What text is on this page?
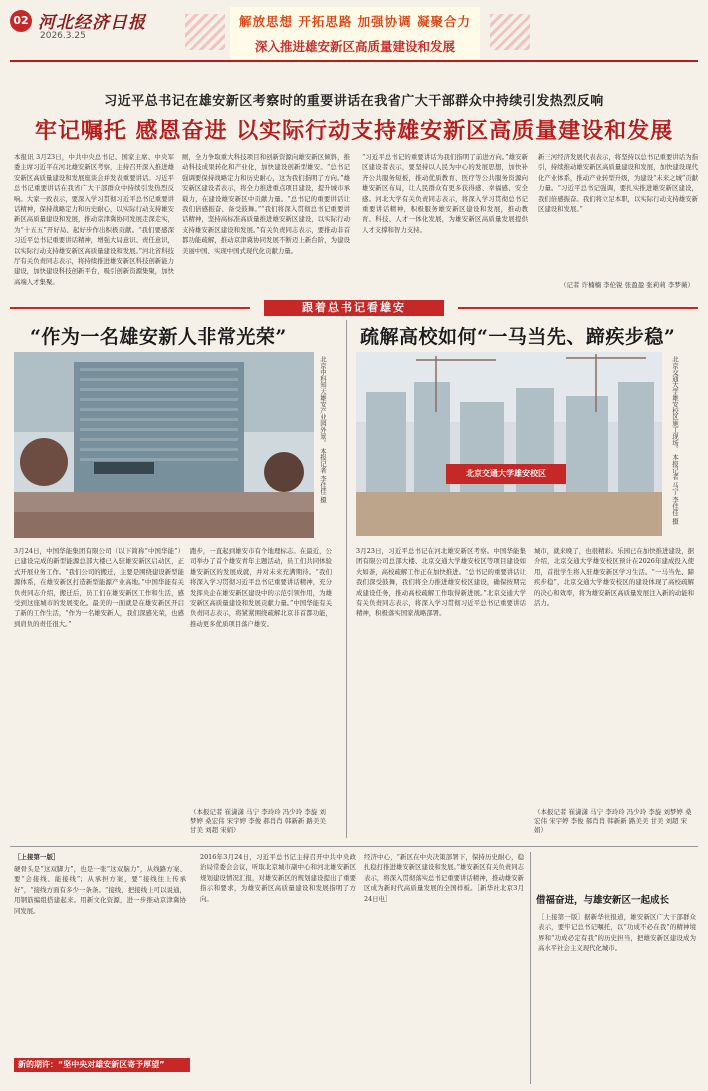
02 河北经济日报
2026.3.25
解放思想 开拓思路 加强协调 凝聚合力
深入推进雄安新区高质量建设和发展
习近平总书记在雄安新区考察时的重要讲话在我省广大干部群众中持续引发热烈反响
牢记嘱托 感恩奋进 以实际行动支持雄安新区高质量建设和发展
本报讯 3月23日，中共中央总书记、国家主席、中央军委主席习近平在河北雄安新区考察，主持召开深入推进雄安新区高质量建设和发展座谈会并发表重要讲话。习近平总书记重要讲话在我省广大干部群众中持续引发热烈反响。大家一致表示，要深入学习贯彻习近平总书记重要讲话精神，保持战略定力和历史耐心，以实际行动支持雄安新区高质量建设和发展，推动京津冀协同发展走深走实，为“十五五”开好局、起好步作出积极贡献。“我们要感深习近平总书记重要讲话精神，增强大局意识、责任意识，以实际行动支持雄安新区高质量建设和发展。”河北省科技厅有关负责同志表示，将持续推进雄安新区科技创新能力建设，加快建设科技创新平台，吸引创新资源集聚，加快高端人才集聚。
厕，全力争取重大科技项目和创新资源向雄安新区倾斜，推动科技成果转化和产业化，加快建设创新型雄安。“总书记强调要保持战略定力和历史耐心，这为我们指明了方向。”雄安新区建设者表示，将全力推进重点项目建设，提升城市承载力，在建设雄安新区中贡献力量。“总书记的重要讲话让我们倍感振奋、备受鼓舞。”“我们将深入贯彻总书记重要讲话精神，坚持高标准高质量推进雄安新区建设，以实际行动支持雄安新区建设和发展。”有关负责同志表示，要推动非首都功能疏解，推动京津冀协同发展不断迈上新台阶，为建设美丽中国、实现中国式现代化贡献力量。
“习近平总书记的重要讲话为我们指明了前进方向。”雄安新区建设者表示，要坚持以人民为中心的发展思想，加快补齐公共服务短板，推动优质教育、医疗等公共服务资源向雄安新区布局，让人民群众有更多获得感、幸福感、安全感。河北大学有关负责同志表示，将深入学习贯彻总书记重要讲话精神，积极服务雄安新区建设和发展，推动教育、科技、人才一体化发展，为雄安新区高质量发展提供人才支撑和智力支持。
新三河经济发展代表表示，将坚持以总书记重要讲话为指引，持续推动雄安新区高质量建设和发展，加快建设现代化产业体系，推动产业转型升级，为建设“未来之城”贡献力量。“习近平总书记强调，要扎实推进雄安新区建设，我们倍感振奋。我们将立足本职，以实际行动支持雄安新区建设和发展。”
（记者 许楠楠 李伦锐 张盈盈 张莉莉 李梦薇）
跟着总书记看雄安
“作为一名雄安新人非常光荣”
北京中科知天雄安产业园外景。 本报记者 李佳佳 摄
3月24日，中国华能集团有限公司（以下简称“中国华能”）已建设完成的新型能源总部大楼已入驻雄安新区启动区，正式开展业务工作。“我们公司的搬迁，主要是围绕建设新型能源体系，在雄安新区打造新型能源产业高地。”中国华能有关负责同志介绍，搬迁后，员工们在雄安新区工作和生活，感受到这座城市的发展变化。最美的一面就是在雄安新区开启了新的工作生活，“作为一名雄安新人，我们深感光荣，也感到肩负的责任很大。”
跑步，一直起到雄安市有个地理标志。在最近，公司举办了首个雄安青年主题活动，员工们共同体验雄安新区的发展成就，并对未来充满期待。“我们将深入学习贯彻习近平总书记重要讲话精神，充分发挥央企在雄安新区建设中的示范引领作用，为雄安新区高质量建设和发展贡献力量。”中国华能有关负责同志表示，将紧紧围绕疏解北京非首都功能，推动更多优质项目落户雄安。
（本报记者 崔潇潇 马宁 李玲玲 冯少玲 李旋 刘梦婷 桑宏伟 宋宇婷 李俊 郝肖肖 韩新新 路美美 甘美 刘超 宋娟）
疏解高校如何“一马当先、蹄疾步稳”
北京交通大学雄安校区	北京交通大学雄安校区施工现场。 本报记者 马宁 李佳佳 摄
3月23日，习近平总书记在河北雄安新区考察。中国华能集团有限公司总部大楼、北京交通大学雄安校区等项目建设如火如荼，高校疏解工作正在加快推进。“总书记的重要讲话让我们深受鼓舞，我们将全力推进雄安校区建设，确保按期完成建设任务，推动高校疏解工作取得新进展。”北京交通大学有关负责同志表示，将深入学习贯彻习近平总书记重要讲话精神，积极落实国家战略部署。
城市，就来晚了，也很精彩。乐园已在加快推进建设，据介绍，北京交通大学雄安校区预计在2026年建成投入使用，首批学生将入驻雄安新区学习生活。“一马当先、蹄疾步稳”，北京交通大学雄安校区的建设体现了高校疏解的决心和效率，将为雄安新区高质量发展注入新的动能和活力。
（本报记者 崔潇潇 马宁 李玲玲 冯少玲 李旋 刘梦婷 桑宏伟 宋宇婷 李俊 郝肖肖 韩新新 路美美 甘美 刘超 宋娟）
［上接第一版］
硬骨头是“这双脚力”，也是一张“这双脑力”，从线路方案、要“会接线、能接线”；从承担方案，要“接线往上传承好”，“接线方面有多少一条条。“接线，把接线上可以说通，用钢筋编组搭建起来。用新文化资源，进一步推动京津冀协同发展。
新的期许：“坚中央对雄安新区寄予厚望”
2016年3月24日，习近平总书记主持召开中共中央政治局常委会会议，听取北京城市副中心和河北雄安新区规划建设情况汇报，对雄安新区的规划建设提出了重要指示和要求，为雄安新区高质量建设和发展指明了方向。
经济中心，“新区在中央决策部署下，保持历史耐心，稳扎稳打推进雄安新区建设和发展。”雄安新区有关负责同志表示，将深入贯彻落实总书记重要讲话精神，推动雄安新区成为新时代高质量发展的全国样板。［新华社北京3月24日电］	借福奋进，与雄安新区一起成长
［上接第一版］据新华社报道，雄安新区广大干部群众表示，要牢记总书记嘱托，以“功成不必在我”的精神境界和“功成必定有我”的历史担当，把雄安新区建设成为高水平社会主义现代化城市。
